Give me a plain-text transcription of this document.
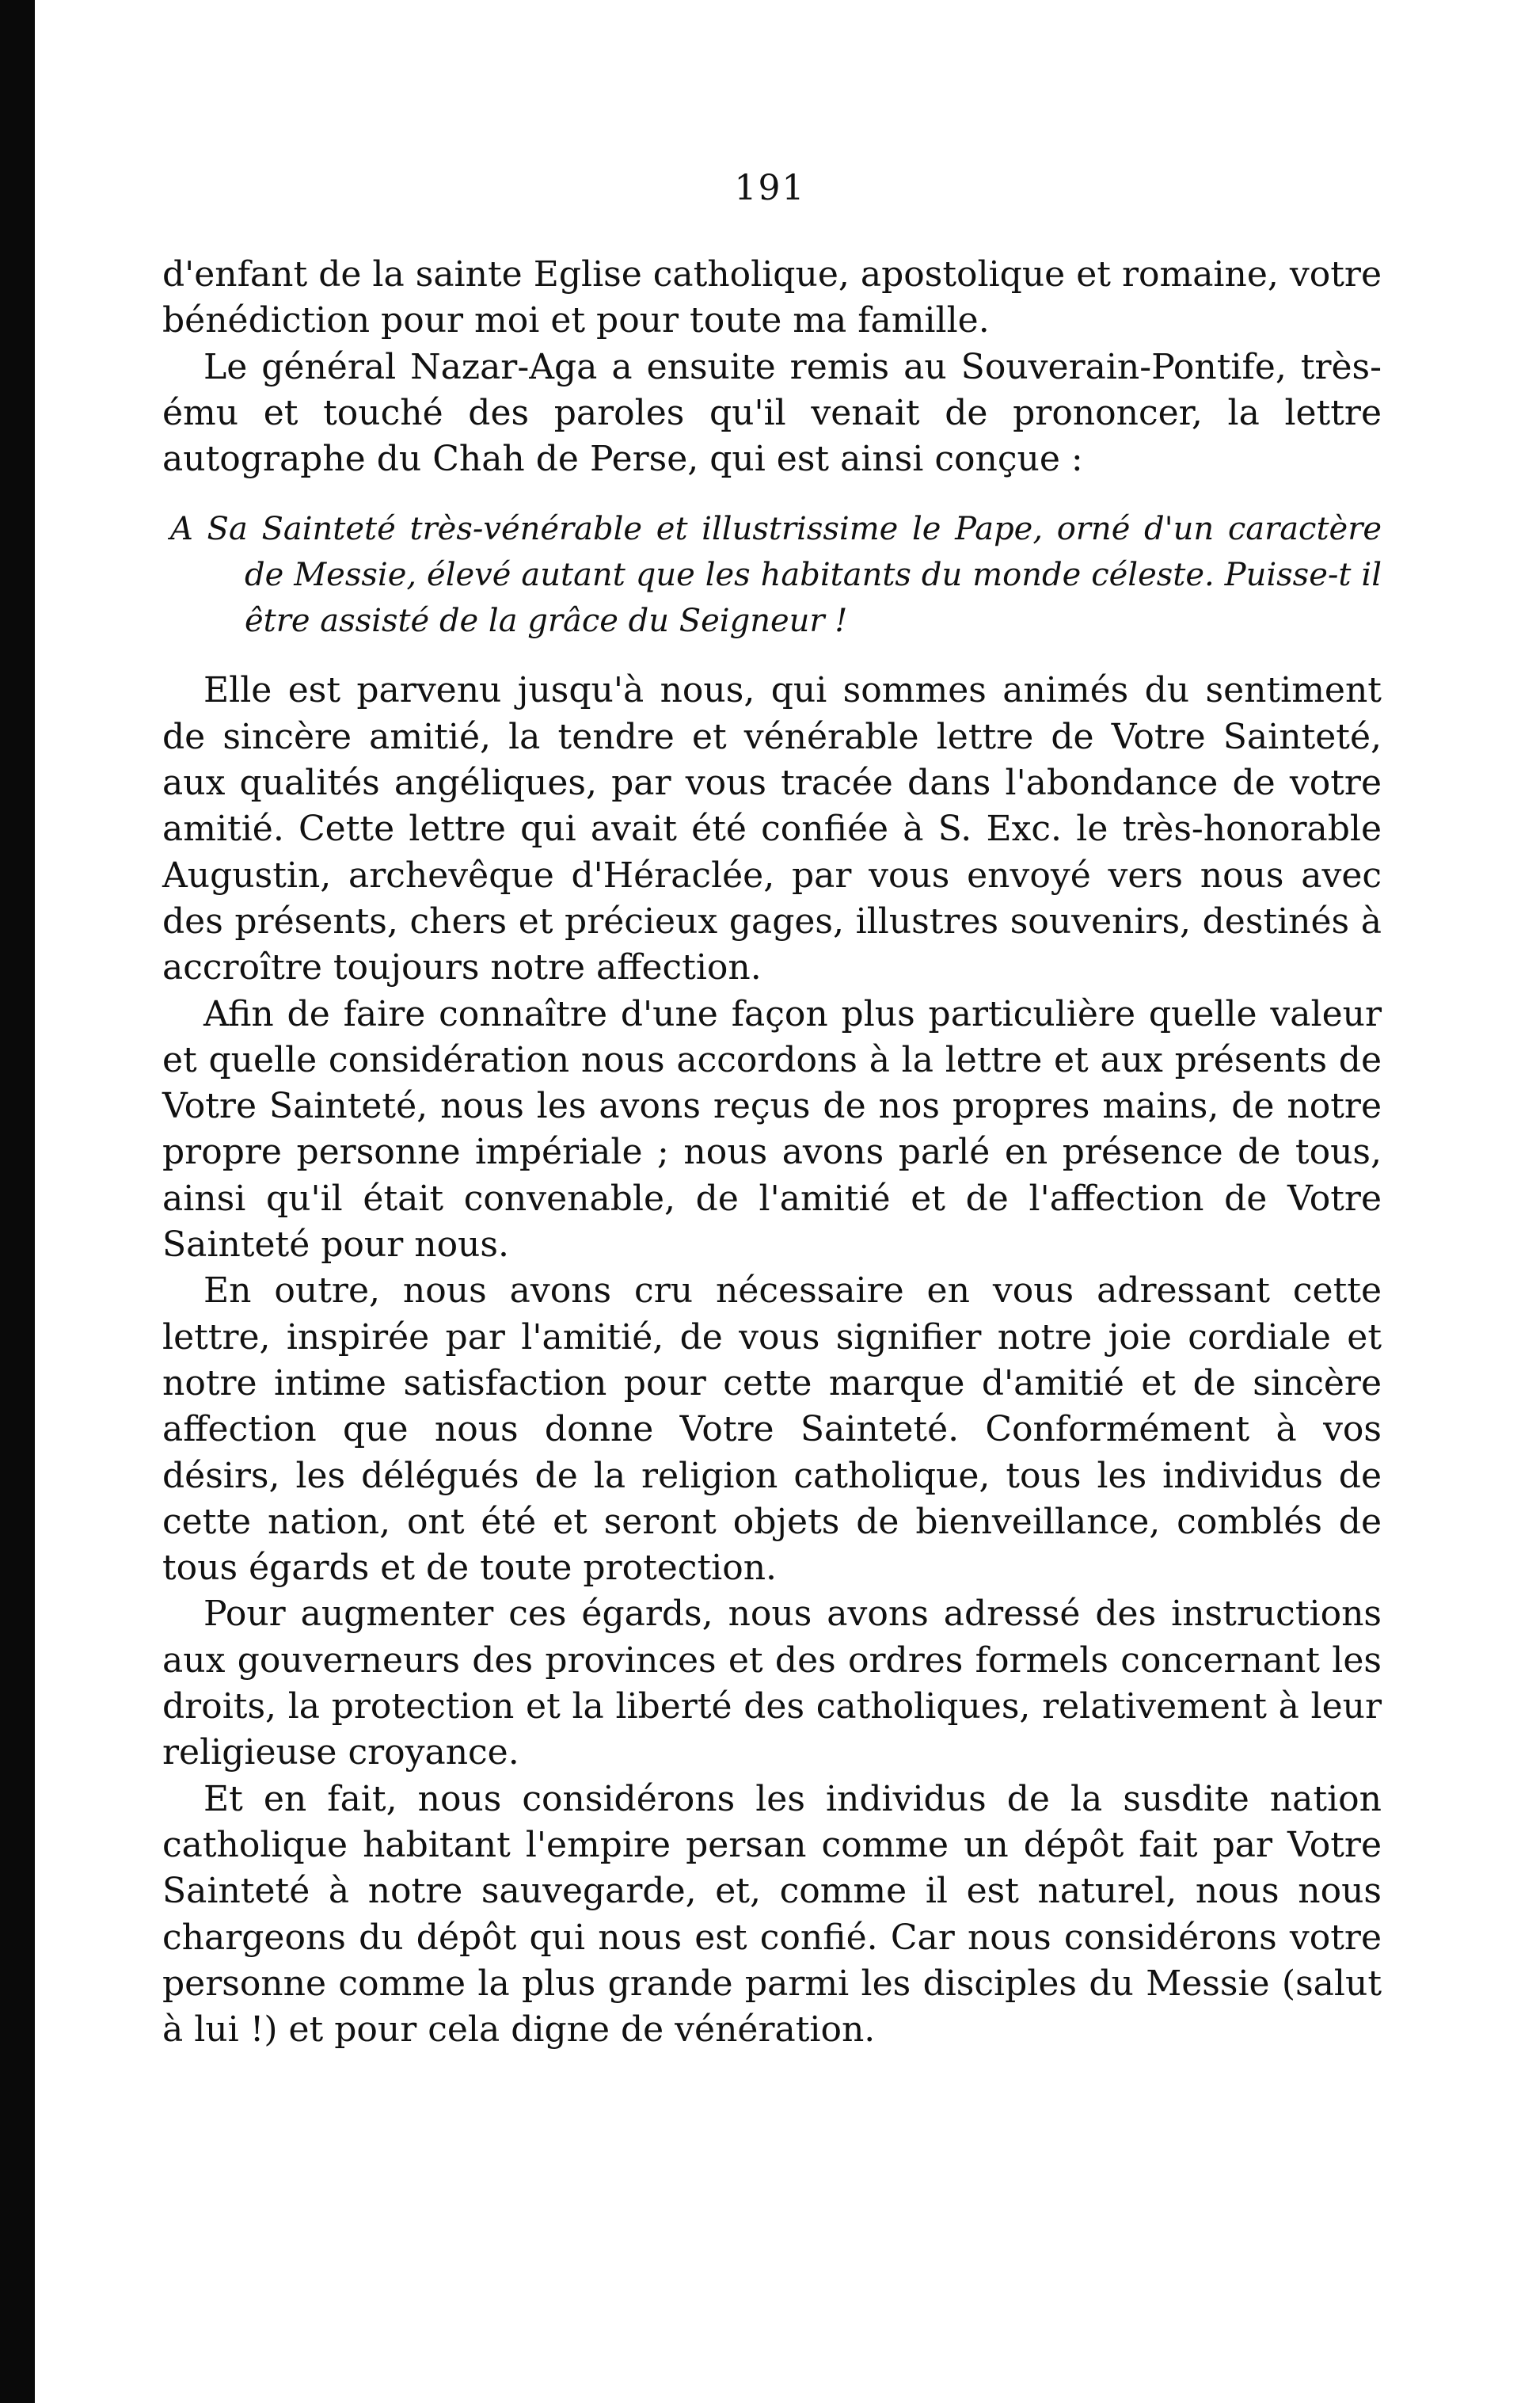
191

d'enfant de la sainte Eglise catholique, apostolique et romaine, votre bénédiction pour moi et pour toute ma famille.

Le général Nazar-Aga a ensuite remis au Souverain-Pontife, très-ému et touché des paroles qu'il venait de prononcer, la lettre autographe du Chah de Perse, qui est ainsi conçue :

A Sa Sainteté très-vénérable et illustrissime le Pape, orné d'un caractère de Messie, élevé autant que les habitants du monde céleste. Puisse-t il être assisté de la grâce du Seigneur !

Elle est parvenu jusqu'à nous, qui sommes animés du sentiment de sincère amitié, la tendre et vénérable lettre de Votre Sainteté, aux qualités angéliques, par vous tracée dans l'abondance de votre amitié. Cette lettre qui avait été confiée à S. Exc. le très-honorable Augustin, archevêque d'Héraclée, par vous envoyé vers nous avec des présents, chers et précieux gages, illustres souvenirs, destinés à accroître toujours notre affection.

Afin de faire connaître d'une façon plus particulière quelle valeur et quelle considération nous accordons à la lettre et aux présents de Votre Sainteté, nous les avons reçus de nos propres mains, de notre propre personne impériale ; nous avons parlé en présence de tous, ainsi qu'il était convenable, de l'amitié et de l'affection de Votre Sainteté pour nous.

En outre, nous avons cru nécessaire en vous adressant cette lettre, inspirée par l'amitié, de vous signifier notre joie cordiale et notre intime satisfaction pour cette marque d'amitié et de sincère affection que nous donne Votre Sainteté. Conformément à vos désirs, les délégués de la religion catholique, tous les individus de cette nation, ont été et seront objets de bienveillance, comblés de tous égards et de toute protection.

Pour augmenter ces égards, nous avons adressé des instructions aux gouverneurs des provinces et des ordres formels concernant les droits, la protection et la liberté des catholiques, relativement à leur religieuse croyance.

Et en fait, nous considérons les individus de la susdite nation catholique habitant l'empire persan comme un dépôt fait par Votre Sainteté à notre sauvegarde, et, comme il est naturel, nous nous chargeons du dépôt qui nous est confié. Car nous considérons votre personne comme la plus grande parmi les disciples du Messie (salut à lui !) et pour cela digne de vénération.
